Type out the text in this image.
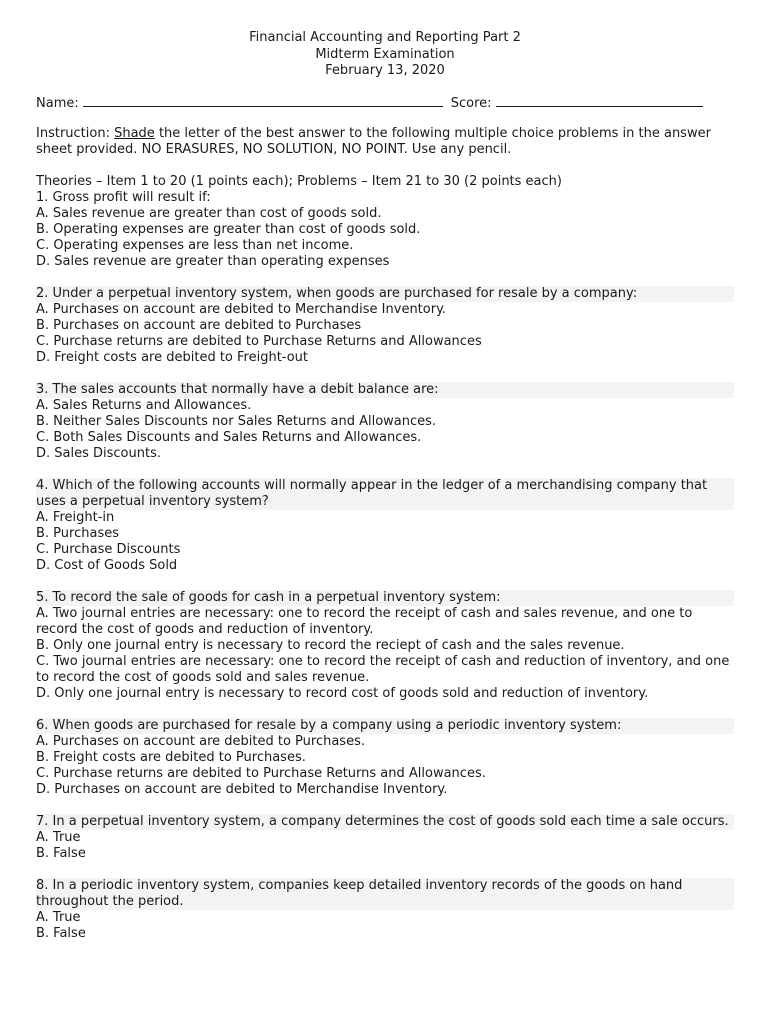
Financial Accounting and Reporting Part 2
Midterm Examination
February 13, 2020
Name:	Score:
Instruction: Shade the letter of the best answer to the following multiple choice problems in the answer sheet provided. NO ERASURES, NO SOLUTION, NO POINT. Use any pencil.
Theories – Item 1 to 20 (1 points each); Problems – Item 21 to 30 (2 points each)
1. Gross profit will result if:
A. Sales revenue are greater than cost of goods sold.
B. Operating expenses are greater than cost of goods sold.
C. Operating expenses are less than net income.
D. Sales revenue are greater than operating expenses
2. Under a perpetual inventory system, when goods are purchased for resale by a company:
A. Purchases on account are debited to Merchandise Inventory.
B. Purchases on account are debited to Purchases
C. Purchase returns are debited to Purchase Returns and Allowances
D. Freight costs are debited to Freight-out
3. The sales accounts that normally have a debit balance are:
A. Sales Returns and Allowances.
B. Neither Sales Discounts nor Sales Returns and Allowances.
C. Both Sales Discounts and Sales Returns and Allowances.
D. Sales Discounts.
4. Which of the following accounts will normally appear in the ledger of a merchandising company that uses a perpetual inventory system?
A. Freight-in
B. Purchases
C. Purchase Discounts
D. Cost of Goods Sold
5. To record the sale of goods for cash in a perpetual inventory system:
A. Two journal entries are necessary: one to record the receipt of cash and sales revenue, and one to record the cost of goods and reduction of inventory.
B. Only one journal entry is necessary to record the reciept of cash and the sales revenue.
C. Two journal entries are necessary: one to record the receipt of cash and reduction of inventory, and one to record the cost of goods sold and sales revenue.
D. Only one journal entry is necessary to record cost of goods sold and reduction of inventory.
6. When goods are purchased for resale by a company using a periodic inventory system:
A. Purchases on account are debited to Purchases.
B. Freight costs are debited to Purchases.
C. Purchase returns are debited to Purchase Returns and Allowances.
D. Purchases on account are debited to Merchandise Inventory.
7. In a perpetual inventory system, a company determines the cost of goods sold each time a sale occurs.
A. True
B. False
8. In a periodic inventory system, companies keep detailed inventory records of the goods on hand throughout the period.
A. True
B. False
